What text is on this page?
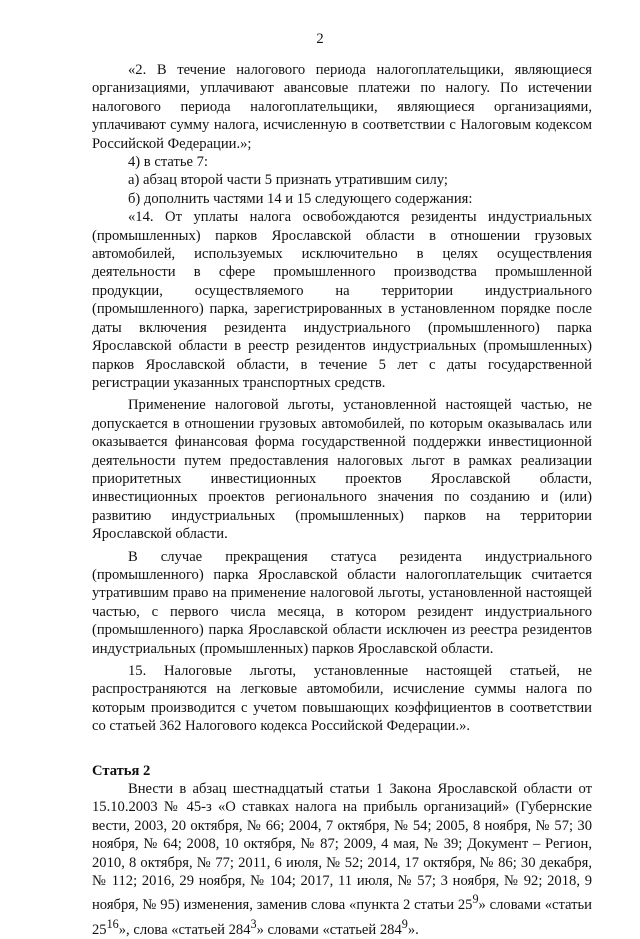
2

«2. В течение налогового периода налогоплательщики, являющиеся организациями, уплачивают авансовые платежи по налогу. По истечении налогового периода налогоплательщики, являющиеся организациями, уплачивают сумму налога, исчисленную в соответствии с Налоговым кодексом Российской Федерации.»;

4) в статье 7:

а) абзац второй части 5 признать утратившим силу;

б) дополнить частями 14 и 15 следующего содержания:

«14. От уплаты налога освобождаются резиденты индустриальных (промышленных) парков Ярославской области в отношении грузовых автомобилей, используемых исключительно в целях осуществления деятельности в сфере промышленного производства промышленной продукции, осуществляемого на территории индустриального (промышленного) парка, зарегистрированных в установленном порядке после даты включения резидента индустриального (промышленного) парка Ярославской области в реестр резидентов индустриальных (промышленных) парков Ярославской области, в течение 5 лет с даты государственной регистрации указанных транспортных средств.

Применение налоговой льготы, установленной настоящей частью, не допускается в отношении грузовых автомобилей, по которым оказывалась или оказывается финансовая форма государственной поддержки инвестиционной деятельности путем предоставления налоговых льгот в рамках реализации приоритетных инвестиционных проектов Ярославской области, инвестиционных проектов регионального значения по созданию и (или) развитию индустриальных (промышленных) парков на территории Ярославской области.

В случае прекращения статуса резидента индустриального (промышленного) парка Ярославской области налогоплательщик считается утратившим право на применение налоговой льготы, установленной настоящей частью, с первого числа месяца, в котором резидент индустриального (промышленного) парка Ярославской области исключен из реестра резидентов индустриальных (промышленных) парков Ярославской области.

15. Налоговые льготы, установленные настоящей статьей, не распространяются на легковые автомобили, исчисление суммы налога по которым производится с учетом повышающих коэффициентов в соответствии со статьей 362 Налогового кодекса Российской Федерации.».

Статья 2

Внести в абзац шестнадцатый статьи 1 Закона Ярославской области от 15.10.2003 № 45-з «О ставках налога на прибыль организаций» (Губернские вести, 2003, 20 октября, № 66; 2004, 7 октября, № 54; 2005, 8 ноября, № 57; 30 ноября, № 64; 2008, 10 октября, № 87; 2009, 4 мая, № 39; Документ – Регион, 2010, 8 октября, № 77; 2011, 6 июля, № 52; 2014, 17 октября, № 86; 30 декабря, № 112; 2016, 29 ноября, № 104; 2017, 11 июля, № 57; 3 ноября, № 92; 2018, 9 ноября, № 95) изменения, заменив слова «пункта 2 статьи $25^9$» словами «статьи $25^{16}$», слова «статьей $284^3$» словами «статьей $284^9$».
